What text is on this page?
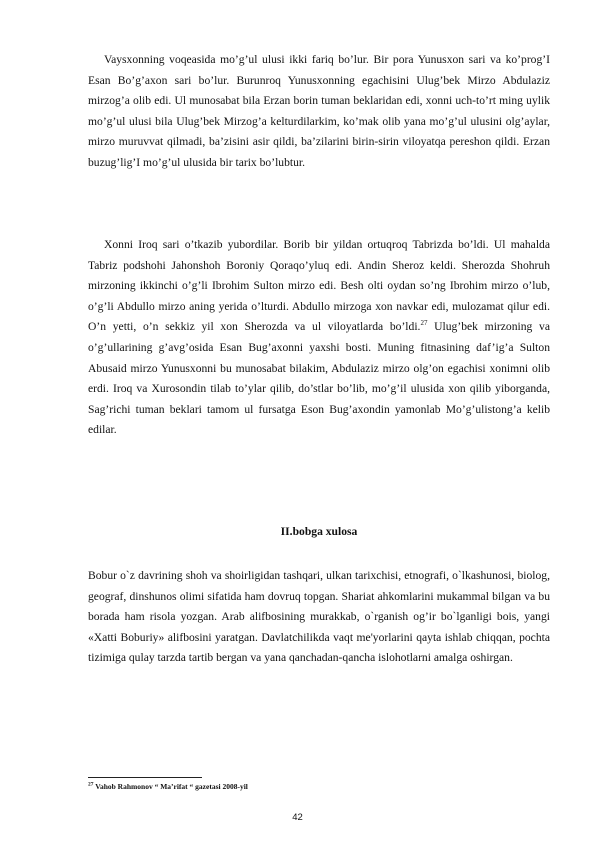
Vaysxonning voqeasida mo’g’ul ulusi ikki fariq bo’lur. Bir pora Yunusxon sari va ko’prog’I Esan Bo’g’axon sari bo’lur. Burunroq Yunusxonning egachisini Ulug’bek Mirzo Abdulaziz mirzog’a olib edi. Ul munosabat bila Erzan borin tuman beklaridan edi, xonni uch-to’rt ming uylik mo’g’ul ulusi bila Ulug’bek Mirzog’a kelturdilarkim, ko’mak olib yana mo’g’ul ulusini olg’aylar, mirzo muruvvat qilmadi, ba’zisini asir qildi, ba’zilarini birin-sirin viloyatqa pereshon qildi. Erzan buzug’lig’I mo’g’ul ulusida bir tarix bo’lubtur.

Xonni Iroq sari o’tkazib yubordilar. Borib bir yildan ortuqroq Tabrizda bo’ldi. Ul mahalda Tabriz podshohi Jahonshoh Boroniy Qoraqo’yluq edi. Andin Sheroz keldi. Sherozda Shohruh mirzoning ikkinchi o’g’li Ibrohim Sulton mirzo edi. Besh olti oydan so’ng Ibrohim mirzo o’lub, o’g’li Abdullo mirzo aning yerida o’lturdi. Abdullo mirzoga xon navkar edi, mulozamat qilur edi. O’n yetti, o’n sekkiz yil xon Sherozda va ul viloyatlarda bo’ldi.$^{27}$ Ulug’bek mirzoning va o’g’ullarining g’avg’osida Esan Bug’axonni yaxshi bosti. Muning fitnasining daf’ig’a Sulton Abusaid mirzo Yunusxonni bu munosabat bilakim, Abdulaziz mirzo olg’on egachisi xonimni olib erdi. Iroq va Xurosondin tilab to’ylar qilib, do’stlar bo’lib, mo’g’il ulusida xon qilib yiborganda, Sag’richi tuman beklari tamom ul fursatga Eson Bug’axondin yamonlab Mo’g’ulistong’a kelib edilar.

II.bobga xulosa

Bobur o`z davrining shoh va shoirligidan tashqari, ulkan tarixchisi, etnografi, o`lkashunosi, biolog, geograf, dinshunos olimi sifatida ham dovruq topgan. Shariat ahkomlarini mukammal bilgan va bu borada ham risola yozgan. Arab alifbosining murakkab, o`rganish og’ir bo`lganligi bois, yangi «Xatti Boburiy» alifbosini yaratgan. Davlatchilikda vaqt me'yorlarini qayta ishlab chiqqan, pochta tizimiga qulay tarzda tartib bergan va yana qanchadan-qancha islohotlarni amalga oshirgan.

$^{27}$ Vahob Rahmonov “ Ma’rifat “ gazetasi 2008-yil

42
